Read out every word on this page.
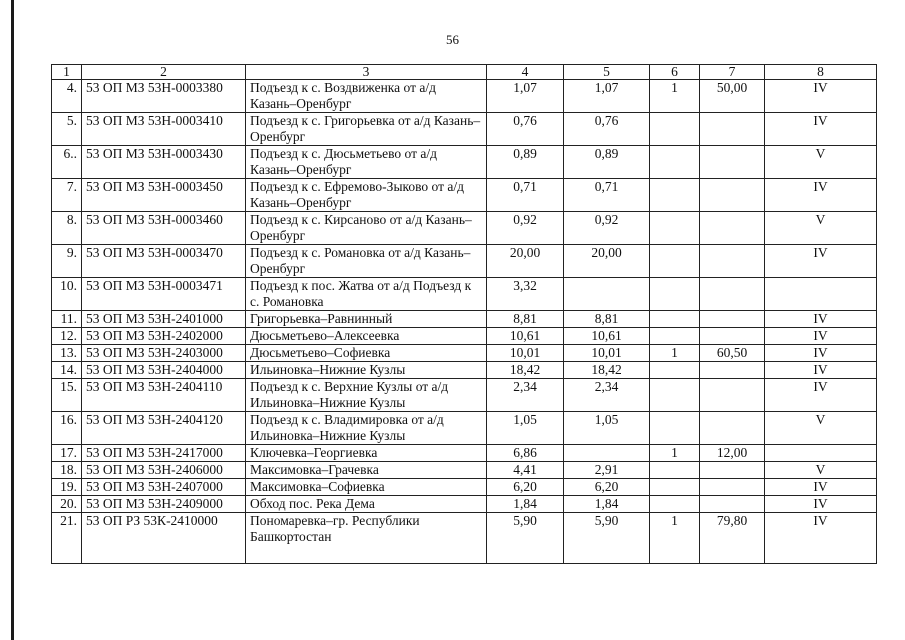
56
1	2	3	4	5	6	7	8
4.	53 ОП МЗ 53Н-0003380	Подъезд к с. Воздвиженка от а/д Казань–Оренбург	1,07	1,07	1	50,00	IV
5.	53 ОП МЗ 53Н-0003410	Подъезд к с. Григорьевка от а/д Казань–Оренбург	0,76	0,76			IV
6..	53 ОП МЗ 53Н-0003430	Подъезд к с. Дюсьметьево от а/д Казань–Оренбург	0,89	0,89			V
7.	53 ОП МЗ 53Н-0003450	Подъезд к с. Ефремово-Зыково от а/д Казань–Оренбург	0,71	0,71			IV
8.	53 ОП МЗ 53Н-0003460	Подъезд к с. Кирсаново от а/д Казань–Оренбург	0,92	0,92			V
9.	53 ОП МЗ 53Н-0003470	Подъезд к с. Романовка от а/д Казань–Оренбург	20,00	20,00			IV
10.	53 ОП МЗ 53Н-0003471	Подъезд к пос. Жатва от а/д Подъезд к с. Романовка	3,32				
11.	53 ОП МЗ 53Н-2401000	Григорьевка–Равнинный	8,81	8,81			IV
12.	53 ОП МЗ 53Н-2402000	Дюсьметьево–Алексеевка	10,61	10,61			IV
13.	53 ОП МЗ 53Н-2403000	Дюсьметьево–Софиевка	10,01	10,01	1	60,50	IV
14.	53 ОП МЗ 53Н-2404000	Ильиновка–Нижние Кузлы	18,42	18,42			IV
15.	53 ОП МЗ 53Н-2404110	Подъезд к с. Верхние Кузлы от а/д Ильиновка–Нижние Кузлы	2,34	2,34			IV
16.	53 ОП МЗ 53Н-2404120	Подъезд к с. Владимировка от а/д Ильиновка–Нижние Кузлы	1,05	1,05			V
17.	53 ОП МЗ 53Н-2417000	Ключевка–Георгиевка	6,86		1	12,00	
18.	53 ОП МЗ 53Н-2406000	Максимовка–Грачевка	4,41	2,91			V
19.	53 ОП МЗ 53Н-2407000	Максимовка–Софиевка	6,20	6,20			IV
20.	53 ОП МЗ 53Н-2409000	Обход пос. Река Дема	1,84	1,84			IV
21.	53 ОП РЗ 53К-2410000	Пономаревка–гр. Республики Башкортостан	5,90	5,90	1	79,80	IV
